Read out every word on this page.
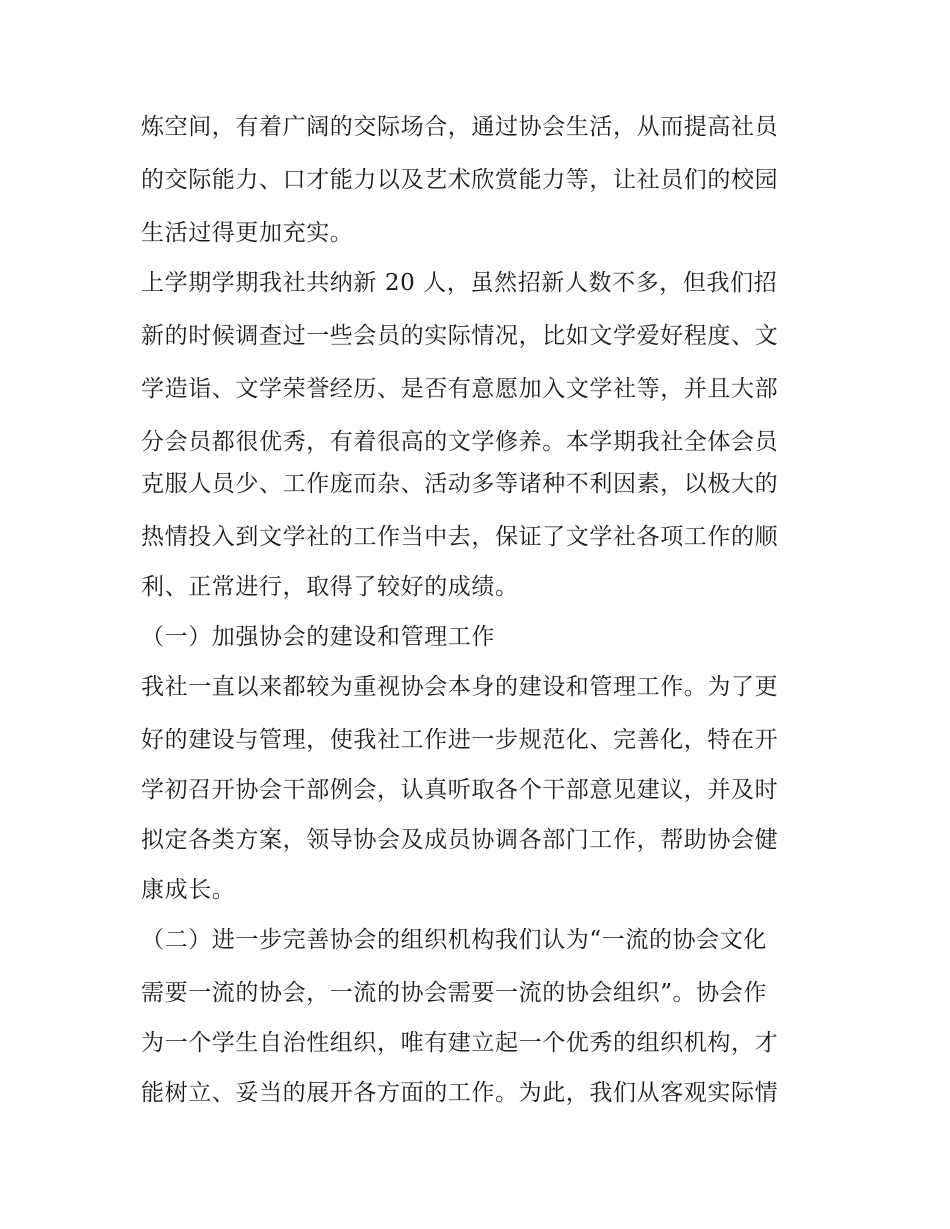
炼空间，有着广阔的交际场合，通过协会生活，从而提高社员
的交际能力、口才能力以及艺术欣赏能力等，让社员们的校园
生活过得更加充实。
上学期学期我社共纳新 20 人，虽然招新人数不多，但我们招
新的时候调查过一些会员的实际情况，比如文学爱好程度、文
学造诣、文学荣誉经历、是否有意愿加入文学社等，并且大部
分会员都很优秀，有着很高的文学修养。本学期我社全体会员
克服人员少、工作庞而杂、活动多等诸种不利因素，以极大的
热情投入到文学社的工作当中去，保证了文学社各项工作的顺
利、正常进行，取得了较好的成绩。
（一）加强协会的建设和管理工作
我社一直以来都较为重视协会本身的建设和管理工作。为了更
好的建设与管理，使我社工作进一步规范化、完善化，特在开
学初召开协会干部例会，认真听取各个干部意见建议，并及时
拟定各类方案，领导协会及成员协调各部门工作，帮助协会健
康成长。
（二）进一步完善协会的组织机构我们认为“一流的协会文化
需要一流的协会，一流的协会需要一流的协会组织”。协会作
为一个学生自治性组织，唯有建立起一个优秀的组织机构，才
能树立、妥当的展开各方面的工作。为此，我们从客观实际情
